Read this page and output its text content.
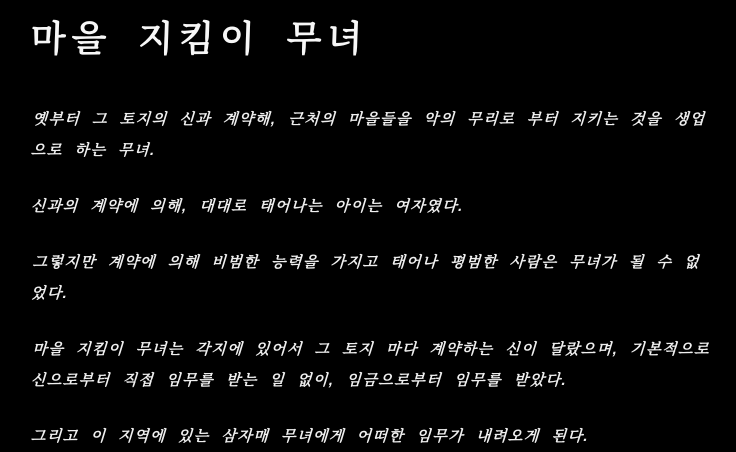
마을 지킴이 무녀

옛부터 그 토지의 신과 계약해, 근처의 마을들을 악의 무리로 부터 지키는 것을 생업으로 하는 무녀.

신과의 계약에 의해, 대대로 태어나는 아이는 여자였다.

그렇지만 계약에 의해 비범한 능력을 가지고 태어나 평범한 사람은 무녀가 될 수 없었다.

마을 지킴이 무녀는 각지에 있어서 그 토지 마다 계약하는 신이 달랐으며, 기본적으로 신으로부터 직접 임무를 받는 일 없이, 임금으로부터 임무를 받았다.

그리고 이 지역에 있는 삼자매 무녀에게 어떠한 임무가 내려오게 된다.
